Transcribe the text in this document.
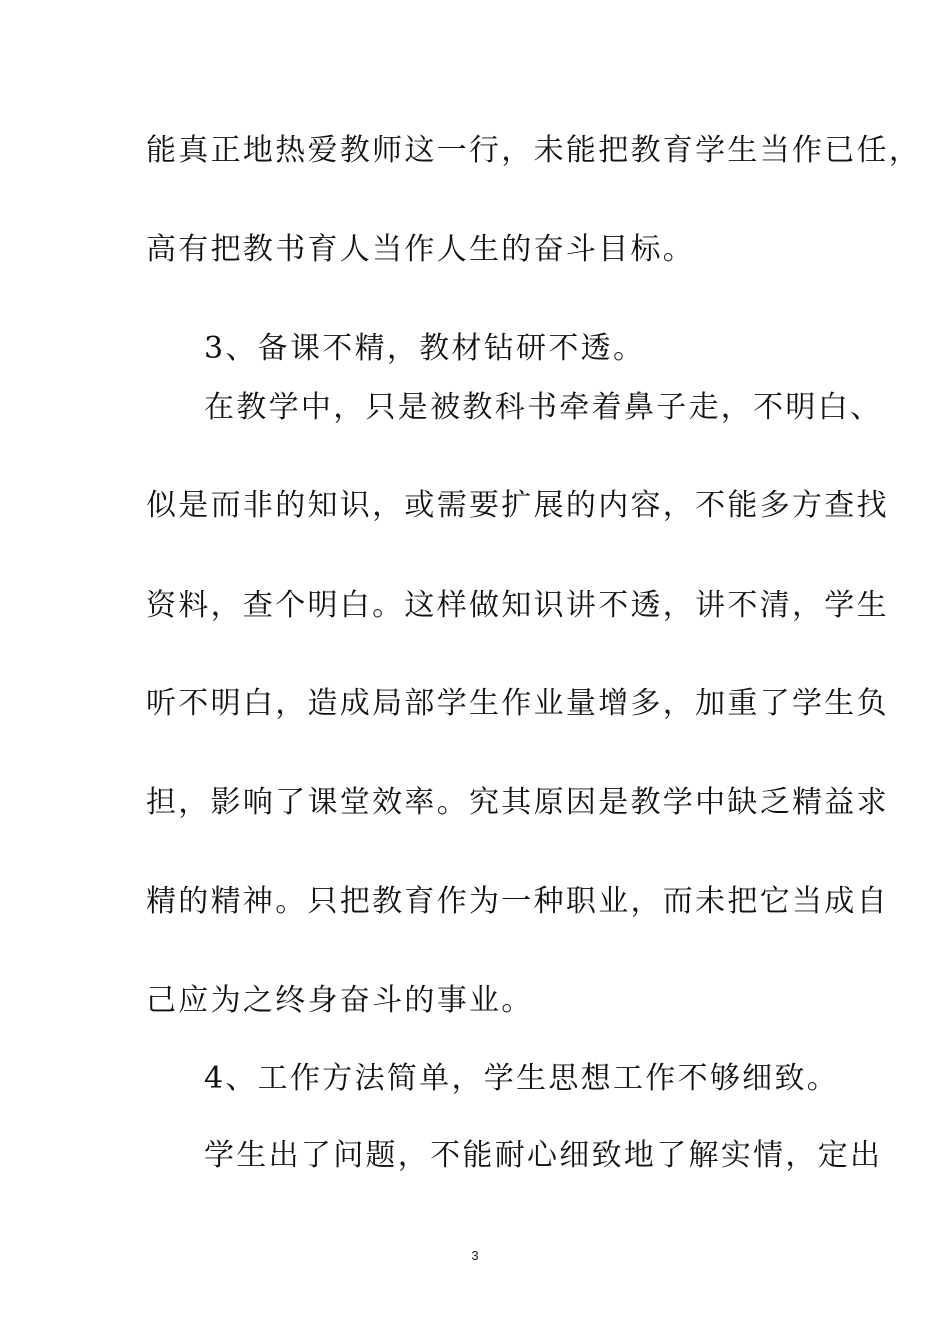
能真正地热爱教师这一行，未能把教育学生当作已任，
高有把教书育人当作人生的奋斗目标。
3、备课不精，教材钻研不透。
在教学中，只是被教科书牵着鼻子走，不明白、
似是而非的知识，或需要扩展的内容，不能多方查找
资料，查个明白。这样做知识讲不透，讲不清，学生
听不明白，造成局部学生作业量增多，加重了学生负
担，影响了课堂效率。究其原因是教学中缺乏精益求
精的精神。只把教育作为一种职业，而未把它当成自
己应为之终身奋斗的事业。
4、工作方法简单，学生思想工作不够细致。
学生出了问题，不能耐心细致地了解实情，定出
3
